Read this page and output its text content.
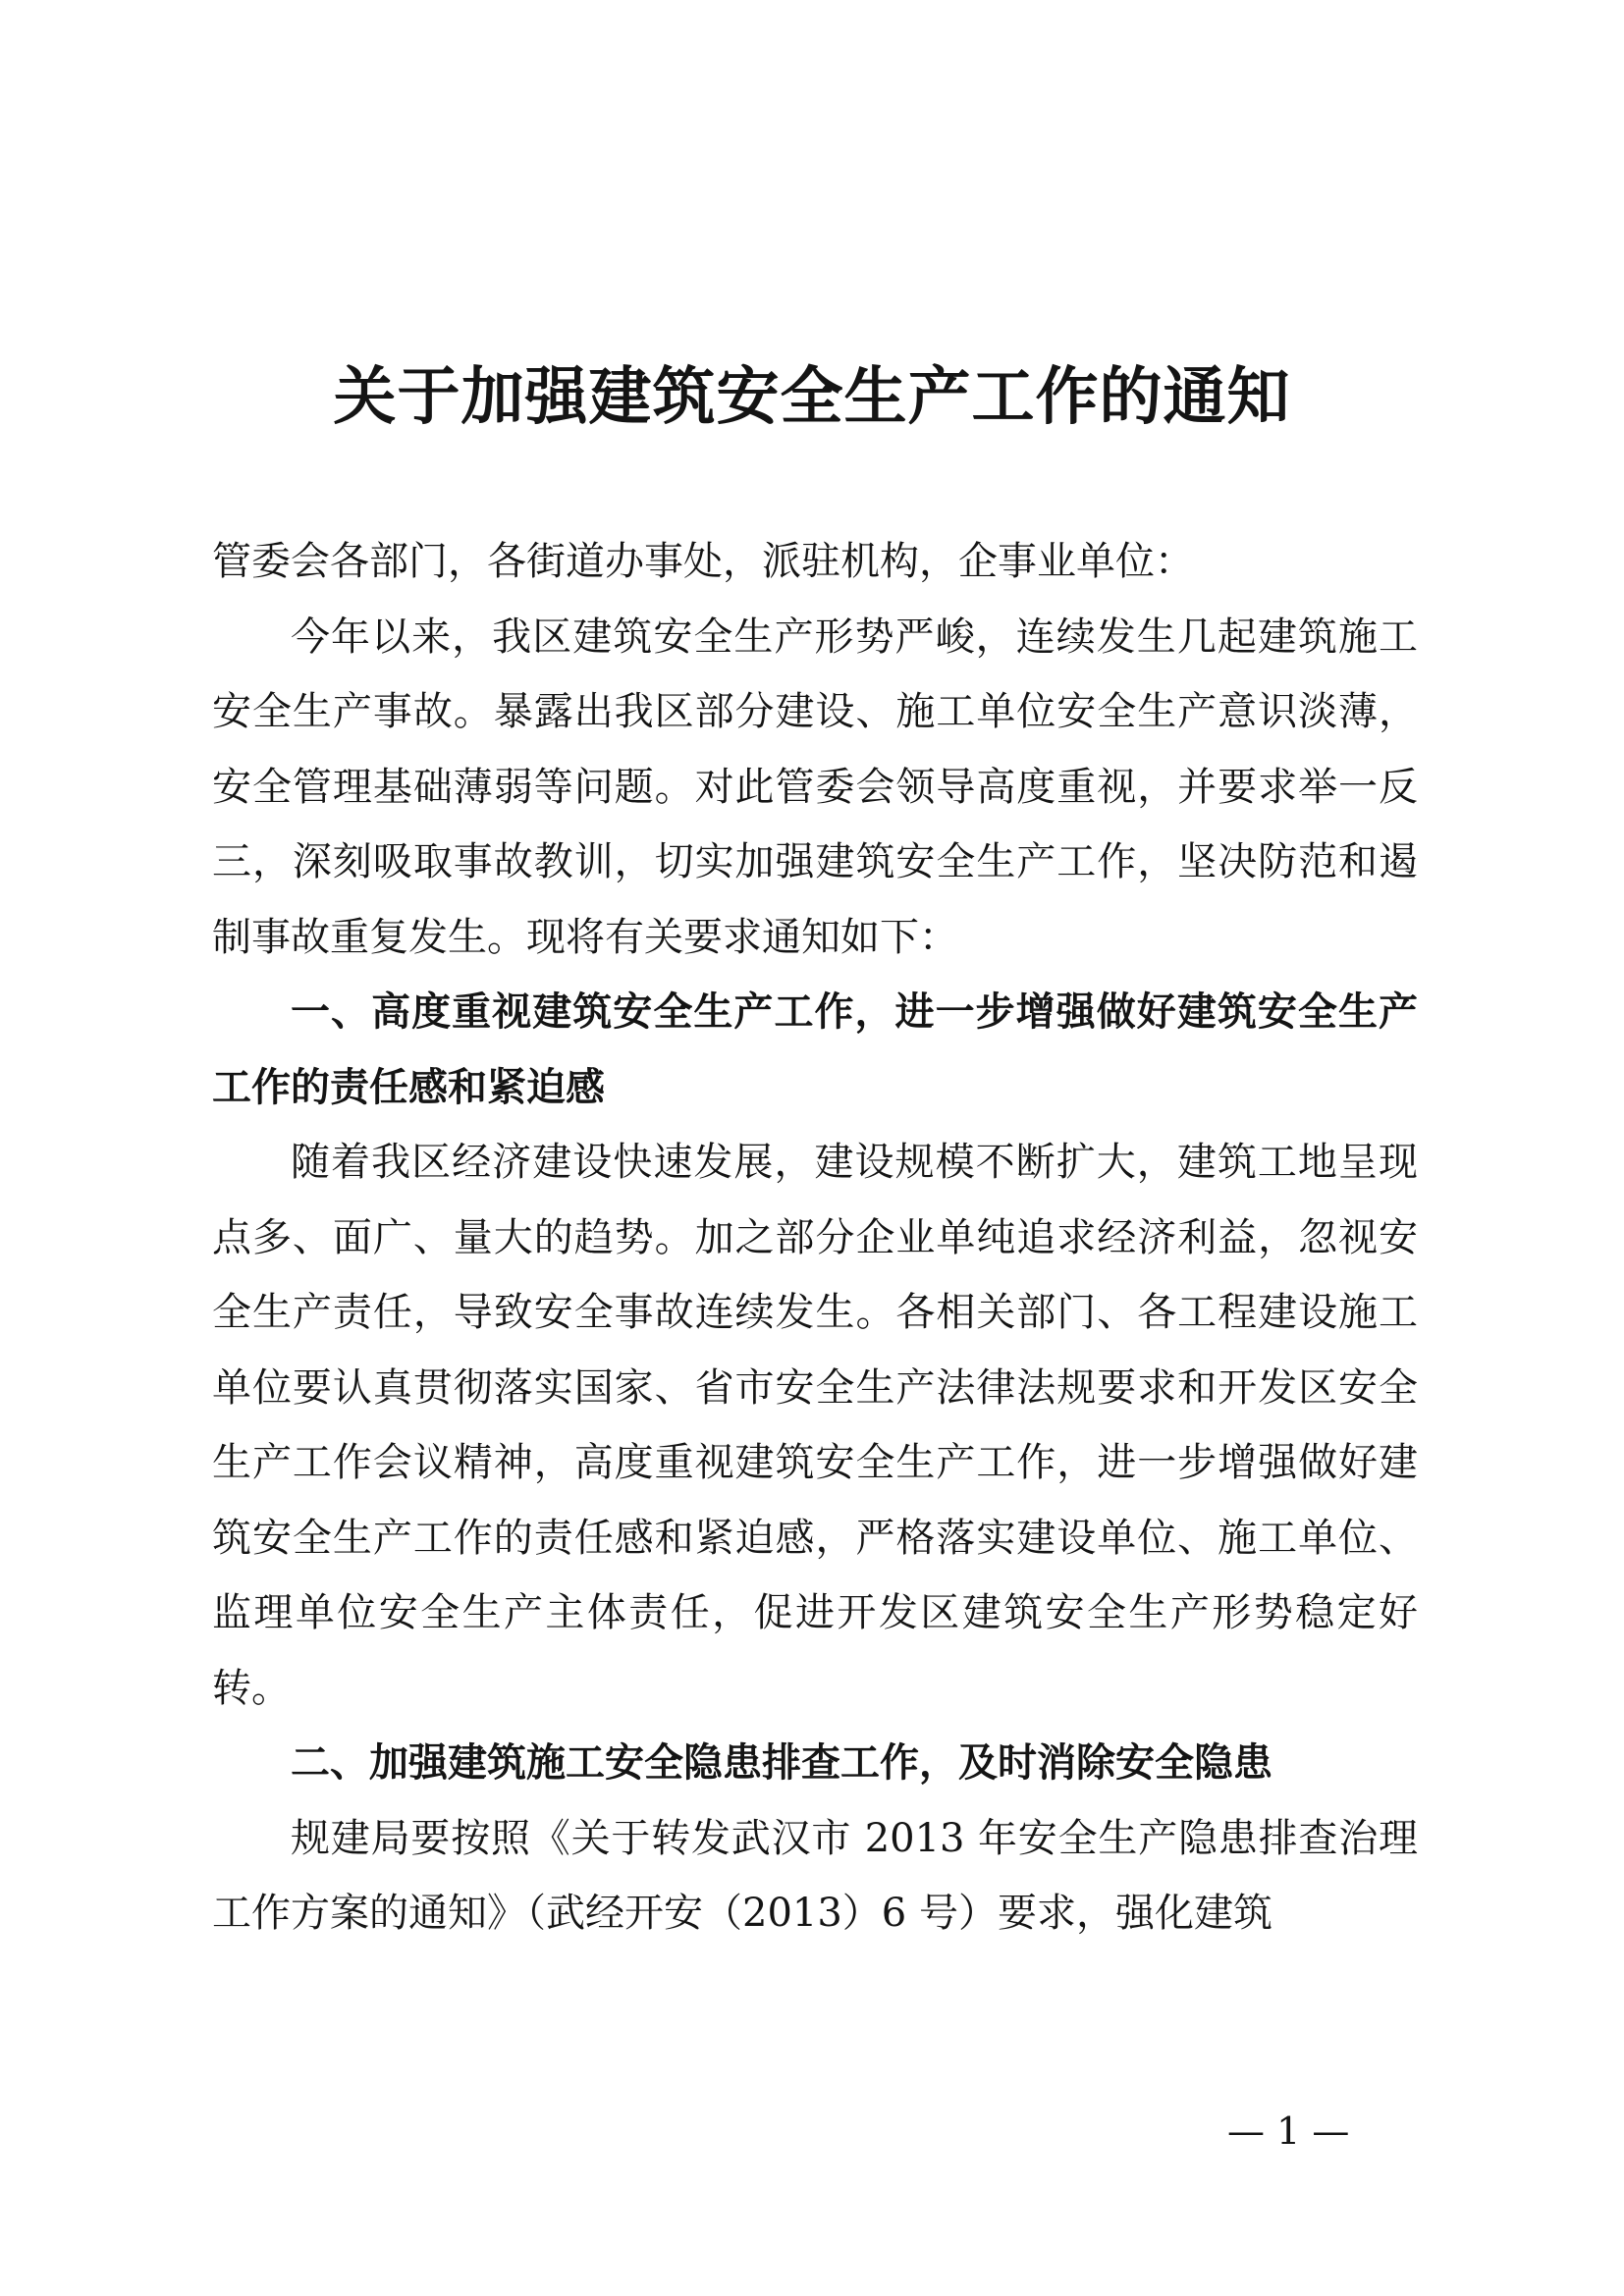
关于加强建筑安全生产工作的通知

管委会各部门，各街道办事处，派驻机构，企事业单位：

今年以来，我区建筑安全生产形势严峻，连续发生几起建筑施工安全生产事故。暴露出我区部分建设、施工单位安全生产意识淡薄，安全管理基础薄弱等问题。对此管委会领导高度重视，并要求举一反三，深刻吸取事故教训，切实加强建筑安全生产工作，坚决防范和遏制事故重复发生。现将有关要求通知如下：

一、高度重视建筑安全生产工作，进一步增强做好建筑安全生产工作的责任感和紧迫感

随着我区经济建设快速发展，建设规模不断扩大，建筑工地呈现点多、面广、量大的趋势。加之部分企业单纯追求经济利益，忽视安全生产责任，导致安全事故连续发生。各相关部门、各工程建设施工单位要认真贯彻落实国家、省市安全生产法律法规要求和开发区安全生产工作会议精神，高度重视建筑安全生产工作，进一步增强做好建筑安全生产工作的责任感和紧迫感，严格落实建设单位、施工单位、监理单位安全生产主体责任，促进开发区建筑安全生产形势稳定好转。

二、加强建筑施工安全隐患排查工作，及时消除安全隐患

规建局要按照《关于转发武汉市 2013 年安全生产隐患排查治理工作方案的通知》（武经开安（2013）6 号）要求，强化建筑

— 1 —
